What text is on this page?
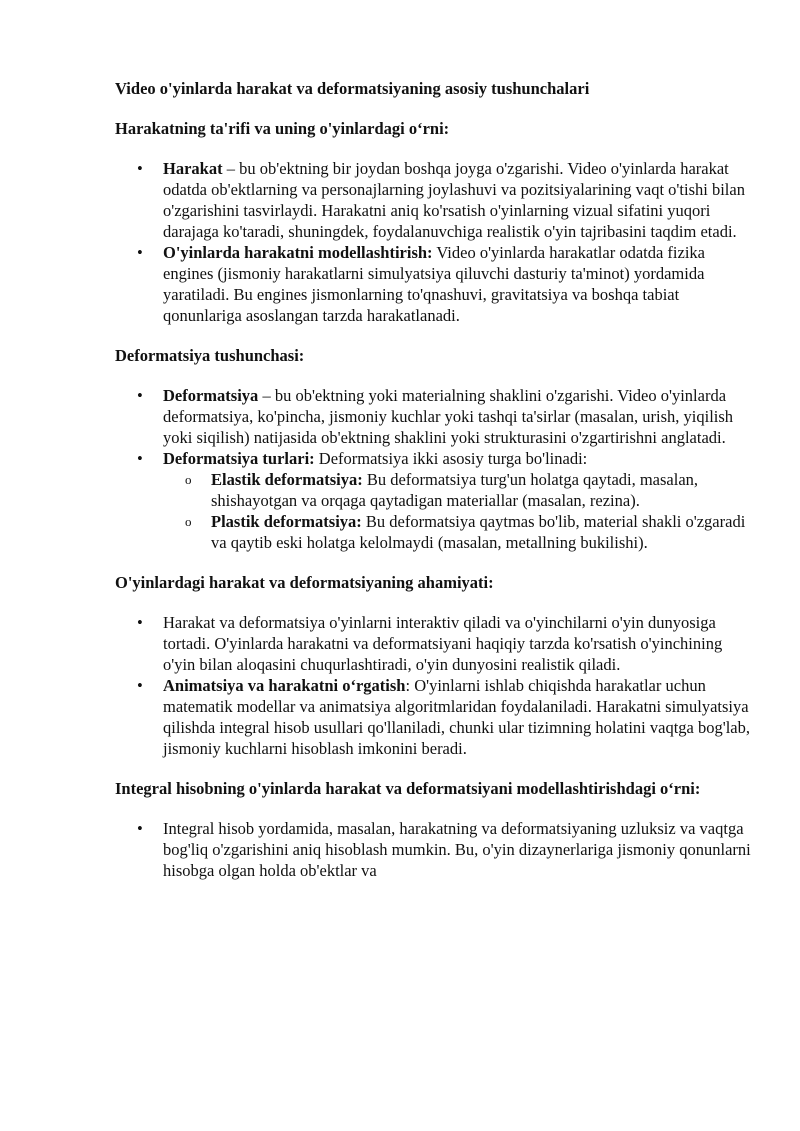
Video o'yinlarda harakat va deformatsiyaning asosiy tushunchalari
Harakatning ta'rifi va uning o'yinlardagi o‘rni:
• Harakat – bu ob'ektning bir joydan boshqa joyga o'zgarishi. Video o'yinlarda harakat odatda ob'ektlarning va personajlarning joylashuvi va pozitsiyalarining vaqt o'tishi bilan o'zgarishini tasvirlaydi. Harakatni aniq ko'rsatish o'yinlarning vizual sifatini yuqori darajaga ko'taradi, shuningdek, foydalanuvchiga realistik o'yin tajribasini taqdim etadi.
• O'yinlarda harakatni modellashtirish: Video o'yinlarda harakatlar odatda fizika engines (jismoniy harakatlarni simulyatsiya qiluvchi dasturiy ta'minot) yordamida yaratiladi. Bu engines jismonlarning to'qnashuvi, gravitatsiya va boshqa tabiat qonunlariga asoslangan tarzda harakatlanadi.
Deformatsiya tushunchasi:
• Deformatsiya – bu ob'ektning yoki materialning shaklini o'zgarishi. Video o'yinlarda deformatsiya, ko'pincha, jismoniy kuchlar yoki tashqi ta'sirlar (masalan, urish, yiqilish yoki siqilish) natijasida ob'ektning shaklini yoki strukturasini o'zgartirishni anglatadi.
• Deformatsiya turlari: Deformatsiya ikki asosiy turga bo'linadi:
o Elastik deformatsiya: Bu deformatsiya turg'un holatga qaytadi, masalan, shishayotgan va orqaga qaytadigan materiallar (masalan, rezina).
o Plastik deformatsiya: Bu deformatsiya qaytmas bo'lib, material shakli o'zgaradi va qaytib eski holatga kelolmaydi (masalan, metallning bukilishi).
O'yinlardagi harakat va deformatsiyaning ahamiyati:
• Harakat va deformatsiya o'yinlarni interaktiv qiladi va o'yinchilarni o'yin dunyosiga tortadi. O'yinlarda harakatni va deformatsiyani haqiqiy tarzda ko'rsatish o'yinchining o'yin bilan aloqasini chuqurlashtiradi, o'yin dunyosini realistik qiladi.
• Animatsiya va harakatni o‘rgatish: O'yinlarni ishlab chiqishda harakatlar uchun matematik modellar va animatsiya algoritmlaridan foydalaniladi. Harakatni simulyatsiya qilishda integral hisob usullari qo'llaniladi, chunki ular tizimning holatini vaqtga bog'lab, jismoniy kuchlarni hisoblash imkonini beradi.
Integral hisobning o'yinlarda harakat va deformatsiyani modellashtirishdagi o‘rni:
• Integral hisob yordamida, masalan, harakatning va deformatsiyaning uzluksiz va vaqtga bog'liq o'zgarishini aniq hisoblash mumkin. Bu, o'yin dizaynerlariga jismoniy qonunlarni hisobga olgan holda ob'ektlar va
